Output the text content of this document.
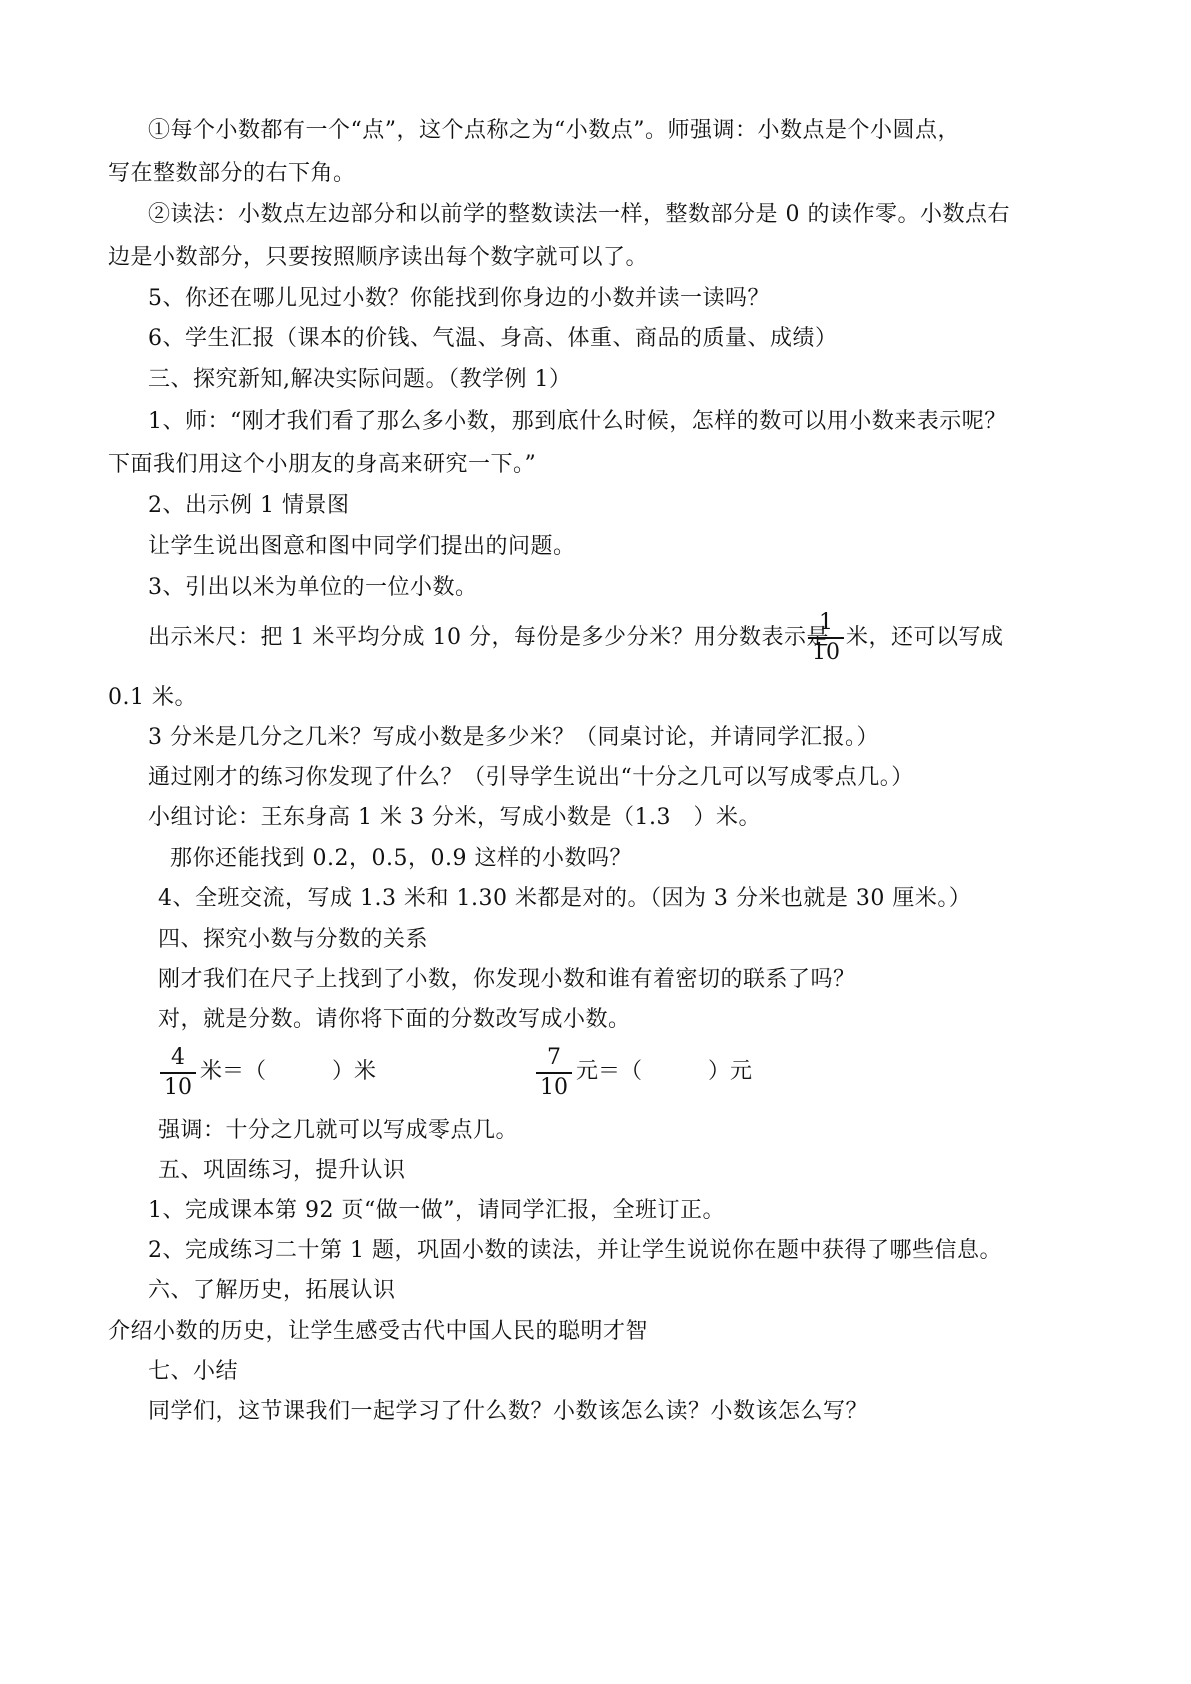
①每个小数都有一个“点”，这个点称之为“小数点”。师强调：小数点是个小圆点，
写在整数部分的右下角。
②读法：小数点左边部分和以前学的整数读法一样，整数部分是 0 的读作零。小数点右
边是小数部分，只要按照顺序读出每个数字就可以了。
5、你还在哪儿见过小数？你能找到你身边的小数并读一读吗？
6、学生汇报（课本的价钱、气温、身高、体重、商品的质量、成绩）
三、探究新知,解决实际问题。（教学例 1）
1、师：“刚才我们看了那么多小数，那到底什么时候，怎样的数可以用小数来表示呢？
下面我们用这个小朋友的身高来研究一下。”
2、出示例 1 情景图
让学生说出图意和图中同学们提出的问题。
3、引出以米为单位的一位小数。
出示米尺：把 1 米平均分成 10 分，每份是多少分米？用分数表示是
1
10
米，还可以写成
0.1 米。
3 分米是几分之几米？写成小数是多少米？（同桌讨论，并请同学汇报。）
通过刚才的练习你发现了什么？（引导学生说出“十分之几可以写成零点几。）
小组讨论：王东身高 1 米 3 分米，写成小数是（1.3　）米。
那你还能找到 0.2，0.5，0.9 这样的小数吗？
4、全班交流，写成 1.3 米和 1.30 米都是对的。（因为 3 分米也就是 30 厘米。）
四、探究小数与分数的关系
刚才我们在尺子上找到了小数，你发现小数和谁有着密切的联系了吗？
对，就是分数。请你将下面的分数改写成小数。
4
10
米＝（　　　）米
7
10
元＝（　　　）元
强调：十分之几就可以写成零点几。
五、巩固练习，提升认识
1、完成课本第 92 页“做一做”，请同学汇报，全班订正。
2、完成练习二十第 1 题，巩固小数的读法，并让学生说说你在题中获得了哪些信息。
六、了解历史，拓展认识
介绍小数的历史，让学生感受古代中国人民的聪明才智
七、小结
同学们，这节课我们一起学习了什么数？小数该怎么读？小数该怎么写？
